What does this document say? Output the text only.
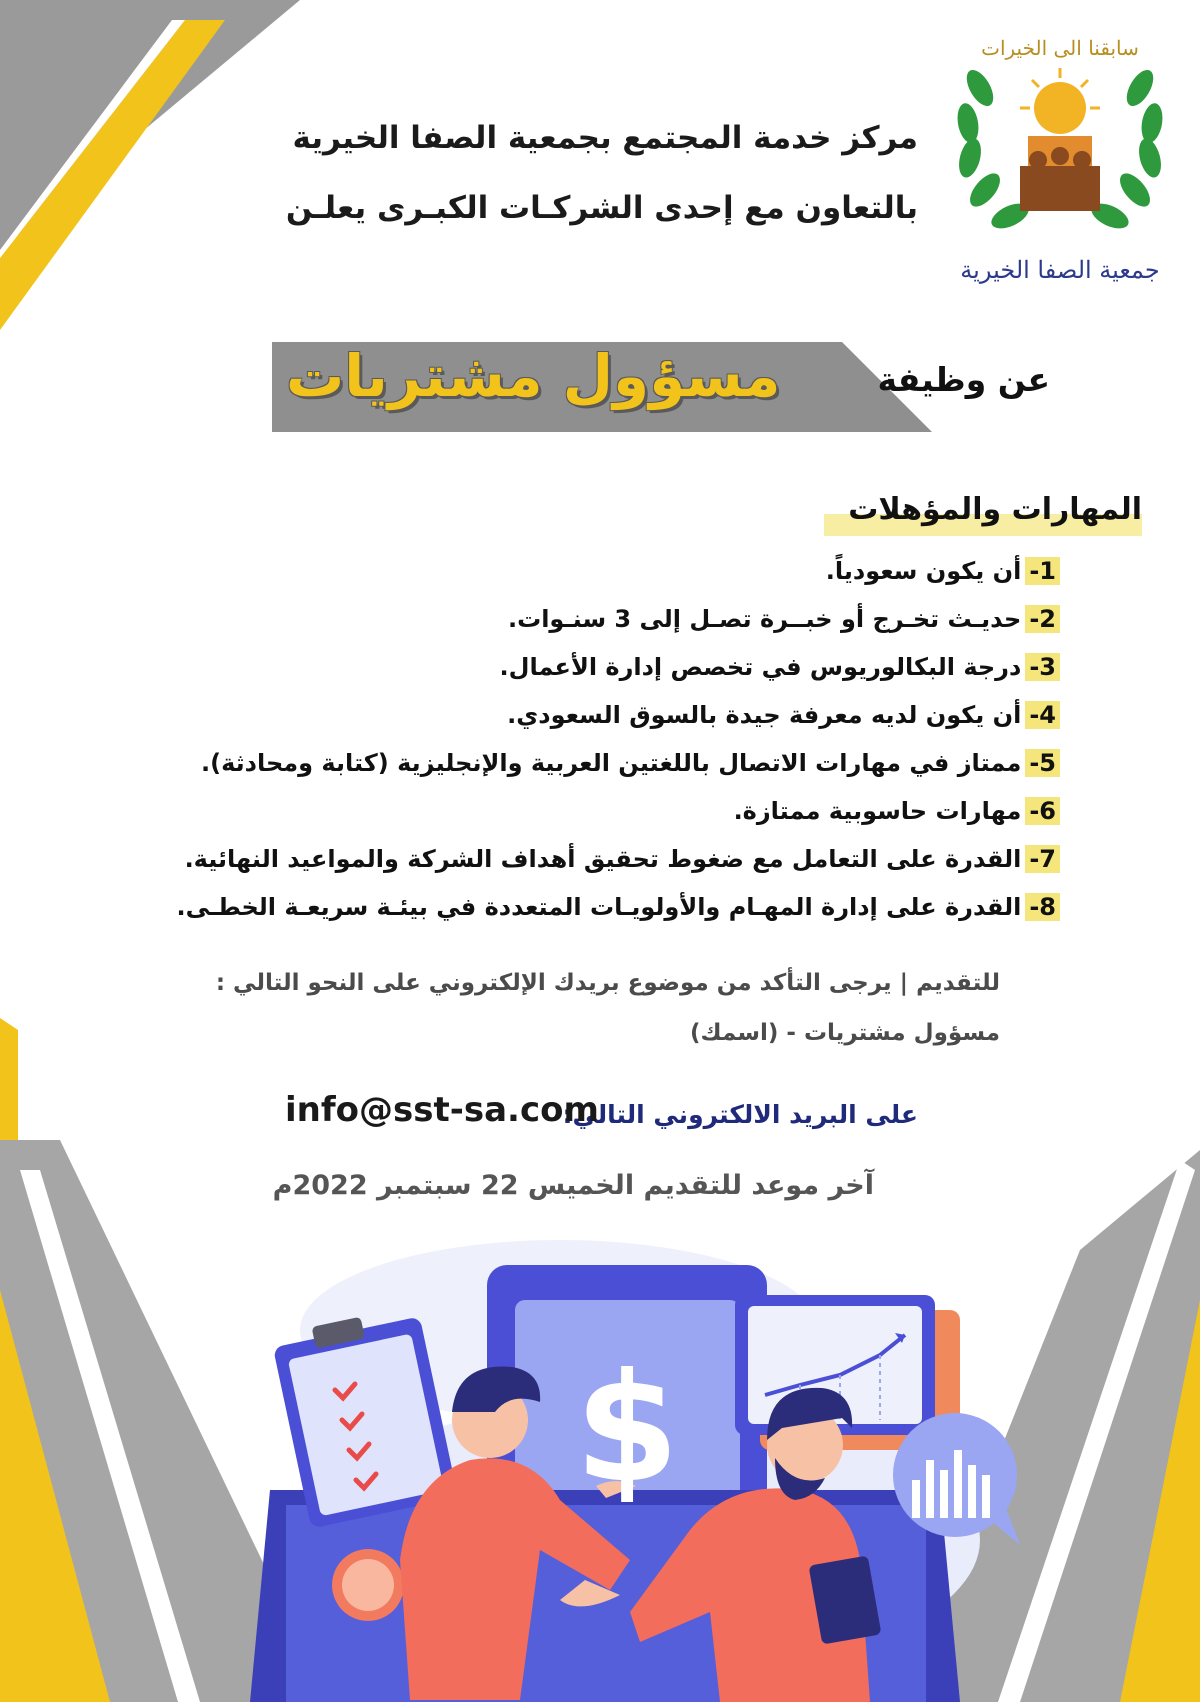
$
سابقنا الى الخيرات
جمعية الصفا الخيرية
مركز خدمة المجتمع بجمعية الصفا الخيرية
بالتعاون مع إحدى الشركـات الكبـرى يعلـن
عن وظيفة
مسؤول مشتريات
المهارات والمؤهلات
1-أن يكون سعودياً.
2-حديـث تخـرج أو خبــرة تصـل إلى 3 سنـوات.
3-درجة البكالوريوس في تخصص إدارة الأعمال.
4-أن يكون لديه معرفة جيدة بالسوق السعودي.
5-ممتاز في مهارات الاتصال باللغتين العربية والإنجليزية (كتابة ومحادثة).
6-مهارات حاسوبية ممتازة.
7-القدرة على التعامل مع ضغوط تحقيق أهداف الشركة والمواعيد النهائية.
8-القدرة على إدارة المهـام والأولويـات المتعددة في بيئـة سريعـة الخطـى.
للتقديم | يرجى التأكد من موضوع بريدك الإلكتروني على النحو التالي :
مسؤول مشتريات - (اسمك)
على البريد الالكتروني التالي:
info@sst-sa.com
آخر موعد للتقديم الخميس 22 سبتمبر 2022م
